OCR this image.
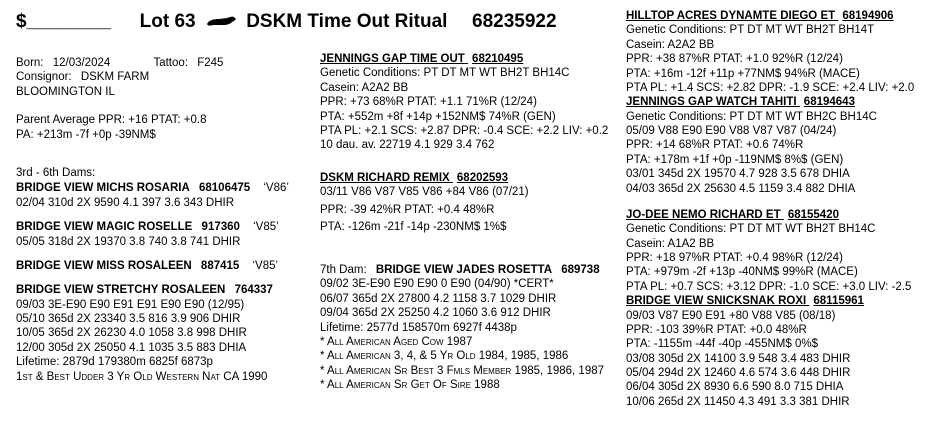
$________ Lot 63	DSKM Time Out Ritual 68235922
Born: 12/03/2024	Tattoo: F245
Consignor: DSKM FARM
BLOOMINGTON IL
Parent Average PPR: +16 PTAT: +0.8
PA: +213m -7f +0p -39NM$
3rd - 6th Dams:
BRIDGE VIEW MICHS ROSARIA 68106475 ‘V86’
02/04 310d 2X 9590 4.1 397 3.6 343 DHIR
BRIDGE VIEW MAGIC ROSELLE 917360 ‘V85’
05/05 318d 2X 19370 3.8 740 3.8 741 DHIR
BRIDGE VIEW MISS ROSALEEN 887415 ‘V85’
BRIDGE VIEW STRETCHY ROSALEEN 764337
09/03 3E-E90 E90 E91 E91 E90 E90 (12/95)
05/10 365d 2X 23340 3.5 816 3.9 906 DHIR
10/05 365d 2X 26230 4.0 1058 3.8 998 DHIR
12/00 305d 2X 25050 4.1 1035 3.5 883 DHIA
Lifetime: 2879d 179380m 6825f 6873p
1st & Best Udder 3 Yr Old Western Nat CA 1990
JENNINGS GAP TIME OUT 68210495
Genetic Conditions: PT DT MT WT BH2T BH14C
Casein: A2A2 BB
PPR: +73 68%R PTAT: +1.1 71%R (12/24)
PTA: +552m +8f +14p +152NM$ 74%R (GEN)
PTA PL: +2.1 SCS: +2.87 DPR: -0.4 SCE: +2.2 LIV: +0.2
10 dau. av. 22719 4.1 929 3.4 762
DSKM RICHARD REMIX 68202593
03/11 V86 V87 V85 V86 +84 V86 (07/21)
PPR: -39 42%R PTAT: +0.4 48%R
PTA: -126m -21f -14p -230NM$ 1%$
7th Dam: BRIDGE VIEW JADES ROSETTA 689738
09/02 3E-E90 E90 E90 0 E90 (04/90) *CERT*
06/07 365d 2X 27800 4.2 1158 3.7 1029 DHIR
09/04 365d 2X 25250 4.2 1060 3.6 912 DHIR
Lifetime: 2577d 158570m 6927f 4438p
* All American Aged Cow 1987
* All American 3, 4, & 5 Yr Old 1984, 1985, 1986
* All American Sr Best 3 Fmls Member 1985, 1986, 1987
* All American Sr Get Of Sire 1988
HILLTOP ACRES DYNAMTE DIEGO ET 68194906
Genetic Conditions: PT DT MT WT BH2T BH14T
Casein: A2A2 BB
PPR: +38 87%R PTAT: +1.0 92%R (12/24)
PTA: +16m -12f +11p +77NM$ 94%R (MACE)
PTA PL: +1.4 SCS: +2.82 DPR: -1.9 SCE: +2.4 LIV: +2.0
JENNINGS GAP WATCH TAHITI 68194643
Genetic Conditions: PT DT MT WT BH2C BH14C
05/09 V88 E90 E90 V88 V87 V87 (04/24)
PPR: +14 68%R PTAT: +0.6 74%R
PTA: +178m +1f +0p -119NM$ 8%$ (GEN)
03/01 345d 2X 19570 4.7 928 3.5 678 DHIA
04/03 365d 2X 25630 4.5 1159 3.4 882 DHIA
JO-DEE NEMO RICHARD ET 68155420
Genetic Conditions: PT DT MT WT BH2T BH14C
Casein: A1A2 BB
PPR: +18 97%R PTAT: +0.4 98%R (12/24)
PTA: +979m -2f +13p -40NM$ 99%R (MACE)
PTA PL: +0.7 SCS: +3.12 DPR: -1.0 SCE: +3.0 LIV: -2.5
BRIDGE VIEW SNICKSNAK ROXI 68115961
09/03 V87 E90 E91 +80 V88 V85 (08/18)
PPR: -103 39%R PTAT: +0.0 48%R
PTA: -1155m -44f -40p -455NM$ 0%$
03/08 305d 2X 14100 3.9 548 3.4 483 DHIR
05/04 294d 2X 12460 4.6 574 3.6 448 DHIR
06/04 305d 2X 8930 6.6 590 8.0 715 DHIA
10/06 265d 2X 11450 4.3 491 3.3 381 DHIR
